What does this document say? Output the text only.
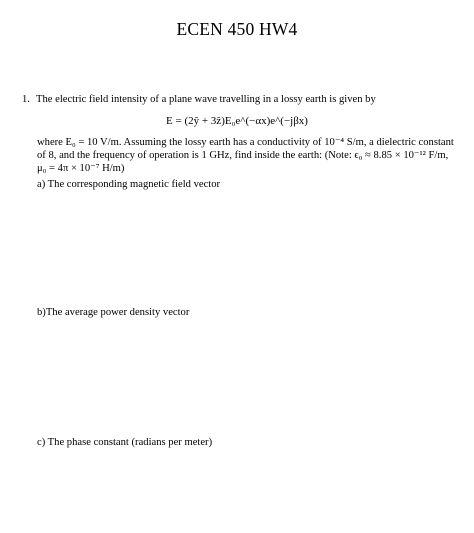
ECEN 450 HW4
1. The electric field intensity of a plane wave travelling in a lossy earth is given by
E = (2ŷ + 3ẑ)E₀e^(−αx)e^(−jβx)
where E₀ = 10 V/m. Assuming the lossy earth has a conductivity of 10⁻⁴ S/m, a dielectric constant
of 8, and the frequency of operation is 1 GHz, find inside the earth: (Note: ϵ₀ ≈ 8.85 × 10⁻¹² F/m,
μ₀ = 4π × 10⁻⁷ H/m)
a) The corresponding magnetic field vector
b)The average power density vector
c) The phase constant (radians per meter)
